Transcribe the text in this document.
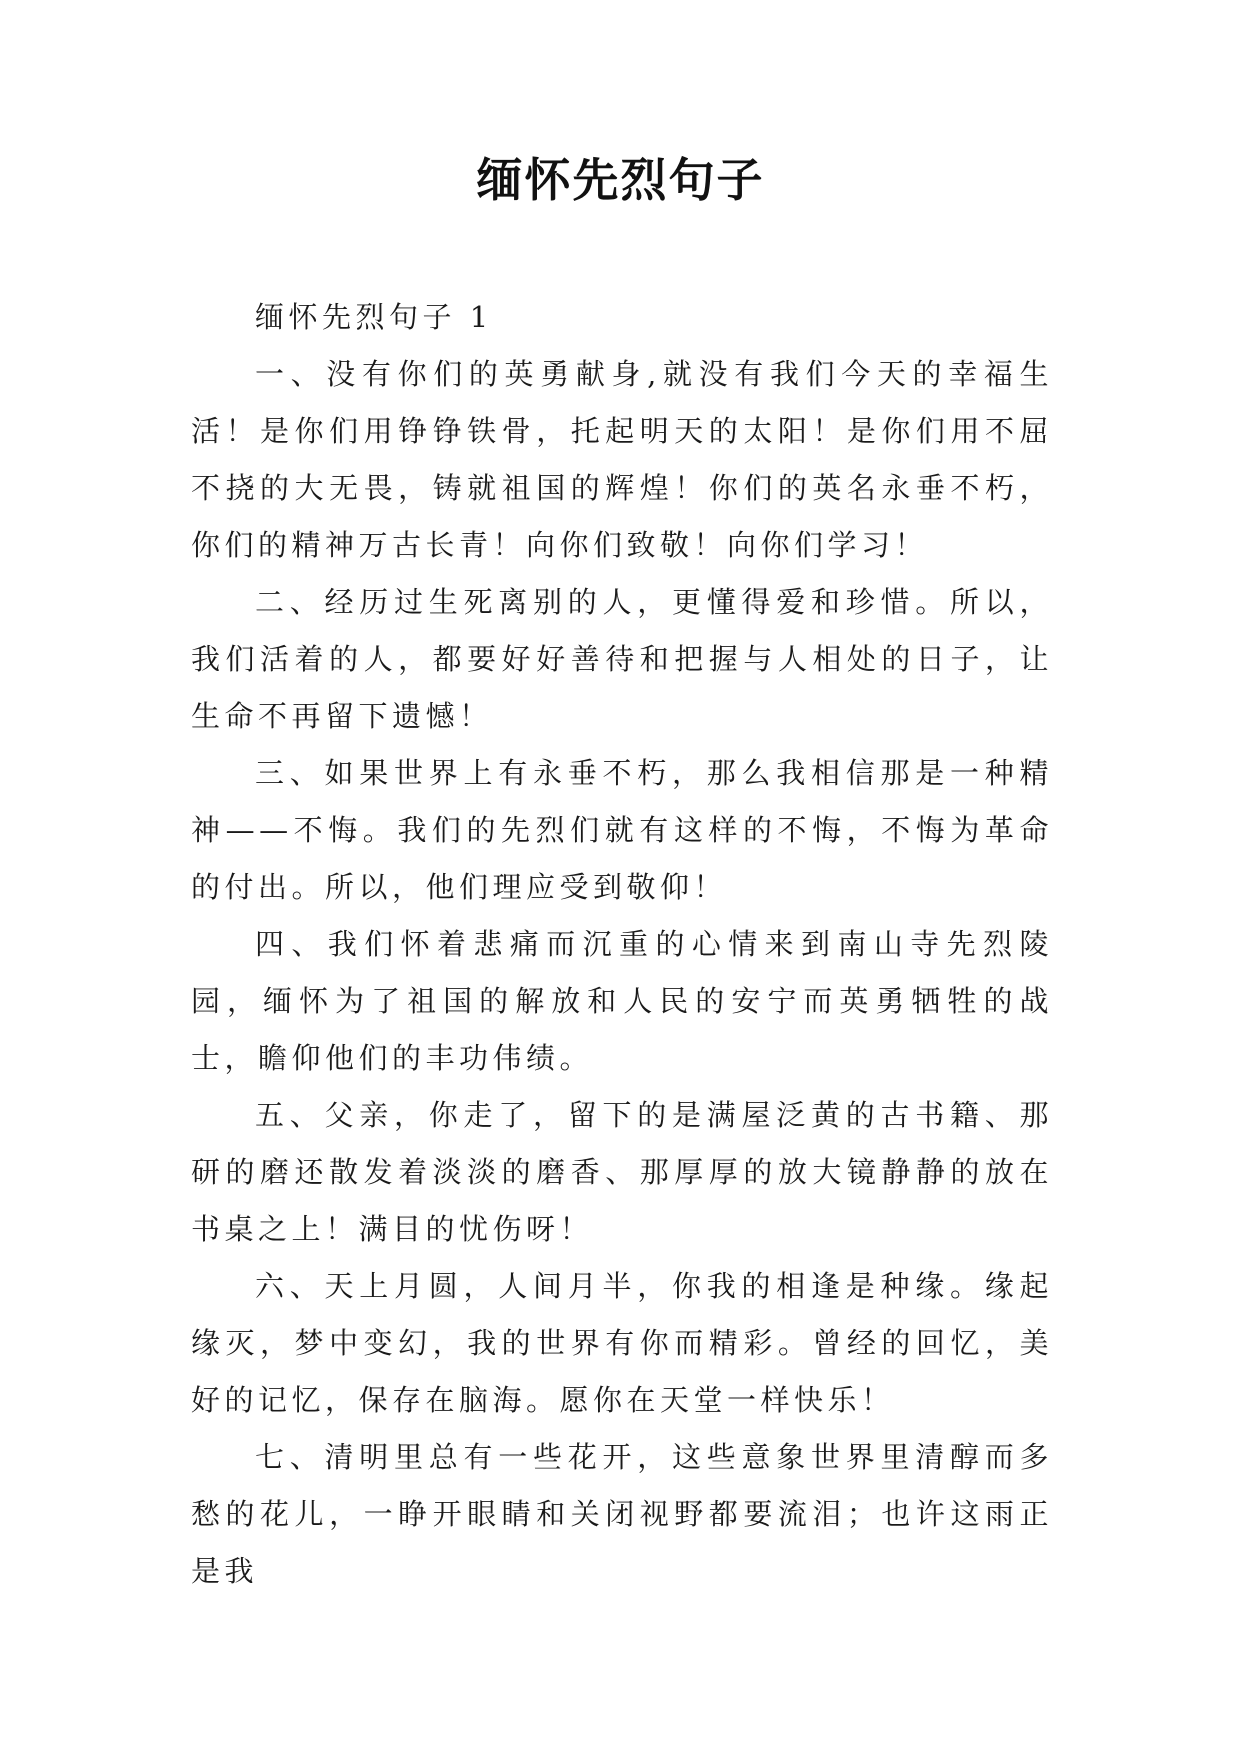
缅怀先烈句子

缅怀先烈句子 1

一、没有你们的英勇献身,就没有我们今天的幸福生活！是你们用铮铮铁骨，托起明天的太阳！是你们用不屈不挠的大无畏，铸就祖国的辉煌！你们的英名永垂不朽，你们的精神万古长青！向你们致敬！向你们学习！

二、经历过生死离别的人，更懂得爱和珍惜。所以，我们活着的人，都要好好善待和把握与人相处的日子，让生命不再留下遗憾！

三、如果世界上有永垂不朽，那么我相信那是一种精神——不悔。我们的先烈们就有这样的不悔，不悔为革命的付出。所以，他们理应受到敬仰！

四、我们怀着悲痛而沉重的心情来到南山寺先烈陵园，缅怀为了祖国的解放和人民的安宁而英勇牺牲的战士，瞻仰他们的丰功伟绩。

五、父亲，你走了，留下的是满屋泛黄的古书籍、那研的磨还散发着淡淡的磨香、那厚厚的放大镜静静的放在书桌之上！满目的忧伤呀！

六、天上月圆，人间月半，你我的相逢是种缘。缘起缘灭，梦中变幻，我的世界有你而精彩。曾经的回忆，美好的记忆，保存在脑海。愿你在天堂一样快乐！

七、清明里总有一些花开，这些意象世界里清醇而多愁的花儿，一睁开眼睛和关闭视野都要流泪；也许这雨正是我
